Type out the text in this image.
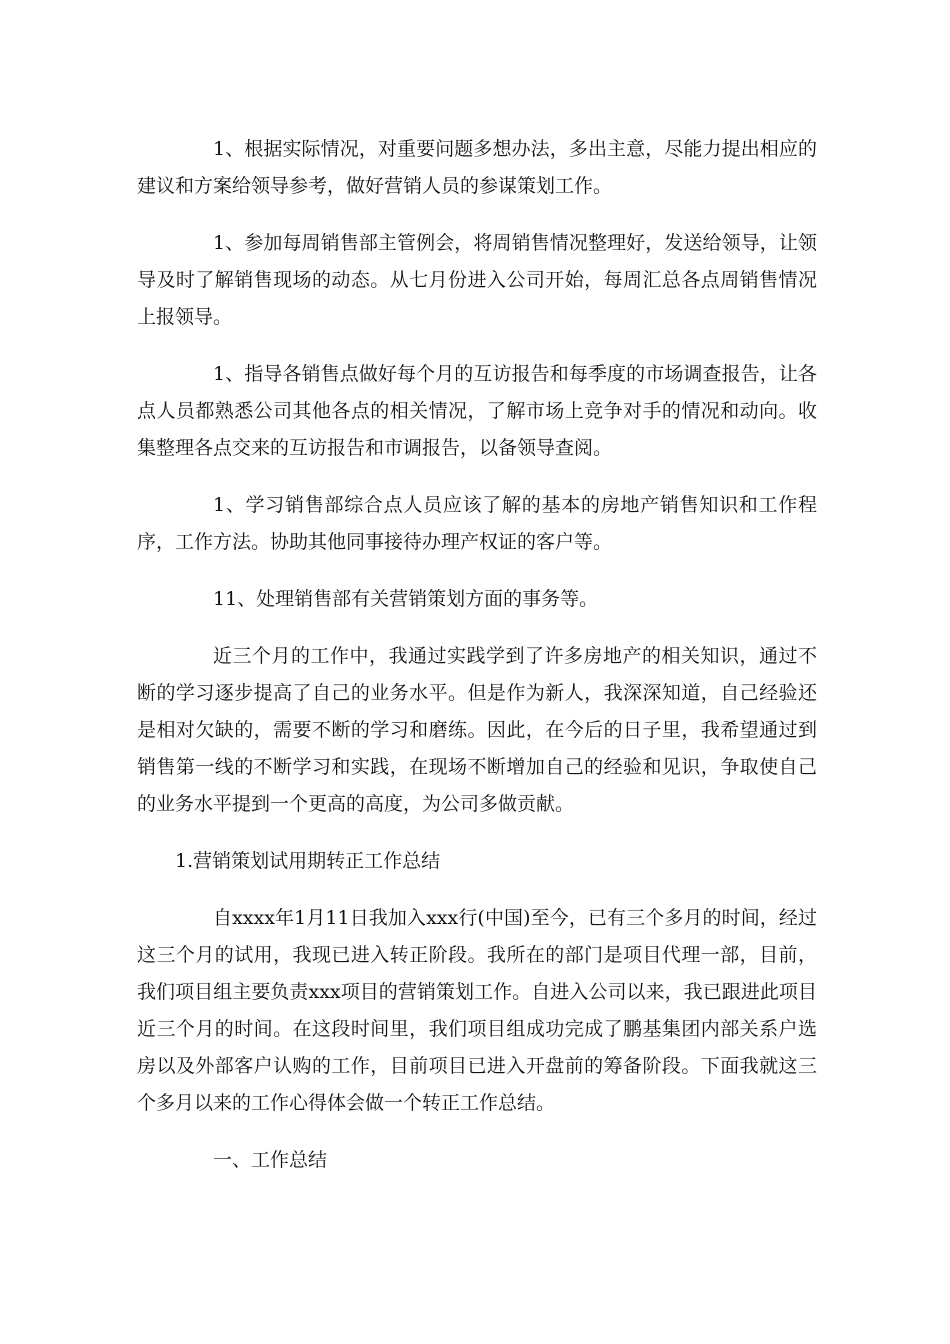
1、根据实际情况，对重要问题多想办法，多出主意，尽能力提出相应的建议和方案给领导参考，做好营销人员的参谋策划工作。

1、参加每周销售部主管例会，将周销售情况整理好，发送给领导，让领导及时了解销售现场的动态。从七月份进入公司开始，每周汇总各点周销售情况上报领导。

1、指导各销售点做好每个月的互访报告和每季度的市场调查报告，让各点人员都熟悉公司其他各点的相关情况，了解市场上竞争对手的情况和动向。收集整理各点交来的互访报告和市调报告，以备领导查阅。

1、学习销售部综合点人员应该了解的基本的房地产销售知识和工作程序，工作方法。协助其他同事接待办理产权证的客户等。

11、处理销售部有关营销策划方面的事务等。

近三个月的工作中，我通过实践学到了许多房地产的相关知识，通过不断的学习逐步提高了自己的业务水平。但是作为新人，我深深知道，自己经验还是相对欠缺的，需要不断的学习和磨练。因此，在今后的日子里，我希望通过到销售第一线的不断学习和实践，在现场不断增加自己的经验和见识，争取使自己的业务水平提到一个更高的高度，为公司多做贡献。

1.营销策划试用期转正工作总结

自xxxx年1月11日我加入xxx行(中国)至今，已有三个多月的时间，经过这三个月的试用，我现已进入转正阶段。我所在的部门是项目代理一部，目前，我们项目组主要负责xxx项目的营销策划工作。自进入公司以来，我已跟进此项目近三个月的时间。在这段时间里，我们项目组成功完成了鹏基集团内部关系户选房以及外部客户认购的工作，目前项目已进入开盘前的筹备阶段。下面我就这三个多月以来的工作心得体会做一个转正工作总结。

一、工作总结
